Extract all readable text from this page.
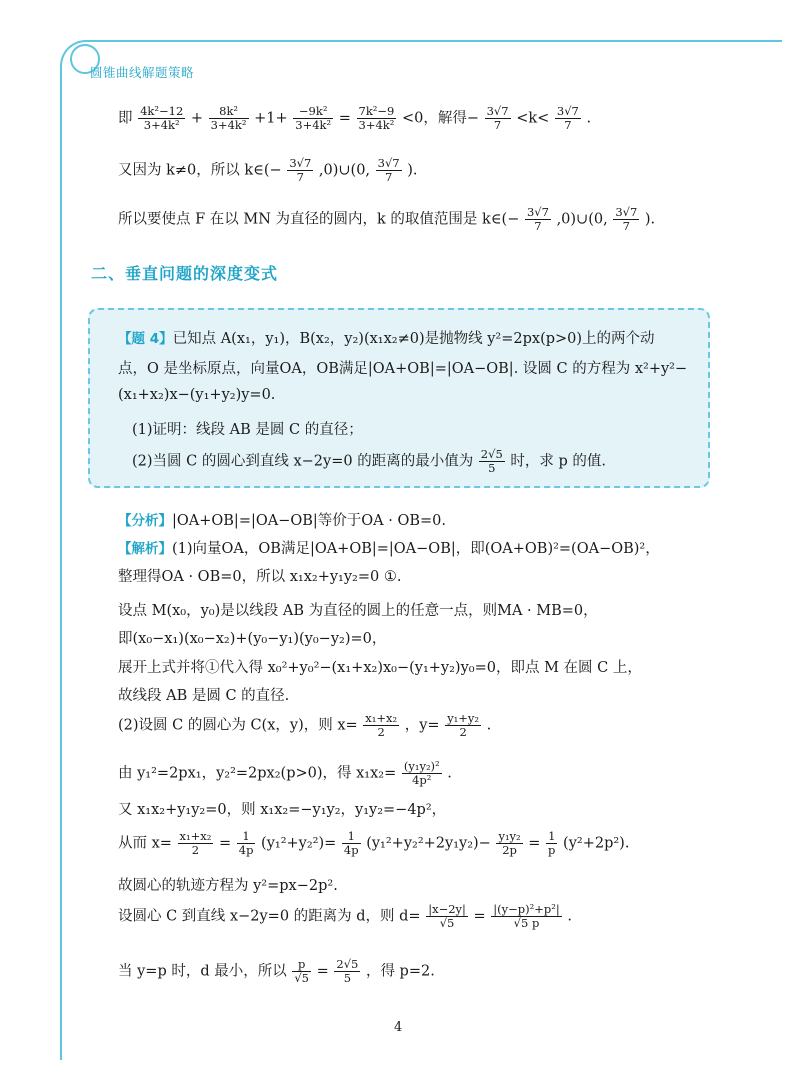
圆锥曲线解题策略
即 $\frac{\text{4k²−12}}{\text{3+4k²}} + \frac{\text{8k²}}{\text{3+4k²}} +1+ \frac{\text{−9k²}}{\text{3+4k²}} = \frac{\text{7k²−9}}{\text{3+4k²}} <0$，解得− $\frac{3√7}{7} <k< \frac{3√7}{7}$ .
又因为 k≠0，所以 k∈(− $\frac{3√7}{7}$ ,0)∪(0, $\frac{3√7}{7}$ ).
所以要使点 F 在以 MN 为直径的圆内，k 的取值范围是 k∈(− $\frac{3√7}{7}$ ,0)∪(0, $\frac{3√7}{7}$ ).
二、垂直问题的深度变式
【题 4】已知点 A(x₁，y₁)，B(x₂，y₂)(x₁x₂≠0)是抛物线 y²=2px(p>0)上的两个动
点，O 是坐标原点，向量OA，OB满足|OA+OB|=|OA−OB|. 设圆 C 的方程为 x²+y²−
(x₁+x₂)x−(y₁+y₂)y=0.
(1)证明：线段 AB 是圆 C 的直径；
(2)当圆 C 的圆心到直线 x−2y=0 的距离的最小值为 $\frac{2√5}{5}$ 时，求 p 的值.
【分析】|OA+OB|=|OA−OB|等价于OA · OB=0.
【解析】(1)向量OA，OB满足|OA+OB|=|OA−OB|，即(OA+OB)²=(OA−OB)²，
整理得OA · OB=0，所以 x₁x₂+y₁y₂=0 ①.
设点 M(x₀，y₀)是以线段 AB 为直径的圆上的任意一点，则MA · MB=0，
即(x₀−x₁)(x₀−x₂)+(y₀−y₁)(y₀−y₂)=0，
展开上式并将①代入得 x₀²+y₀²−(x₁+x₂)x₀−(y₁+y₂)y₀=0，即点 M 在圆 C 上，
故线段 AB 是圆 C 的直径.
(2)设圆 C 的圆心为 C(x，y)，则 $x= \frac{\text{x₁+x₂}}{2}$ ，$y= \frac{\text{y₁+y₂}}{2}$ .
由 y₁²=2px₁，y₂²=2px₂(p>0)，得 $x_1x_2= \frac{\text{(y₁y₂)²}}{\text{4p²}}$ .
又 x₁x₂+y₁y₂=0，则 x₁x₂=−y₁y₂，y₁y₂=−4p²，
从而 $x= \frac{\text{x₁+x₂}}{2} = \frac{1}{4p} (y_1^2+y_2^2)= \frac{1}{4p} (y_1^2+y_2^2+2y_1y_2)- \frac{\text{y₁y₂}}{2p} = \frac{1}{p} (y^2+2p^2)$.
故圆心的轨迹方程为 y²=px−2p².
设圆心 C 到直线 x−2y=0 的距离为 d，则 $d= \frac{|x-2y|}{√5} = \frac{\text{|(y−p)²+p²|}}{√5 p}$ .
当 y=p 时，d 最小，所以 $\frac{p}{√5} = \frac{2√5}{5}$ ，得 p=2.
4
